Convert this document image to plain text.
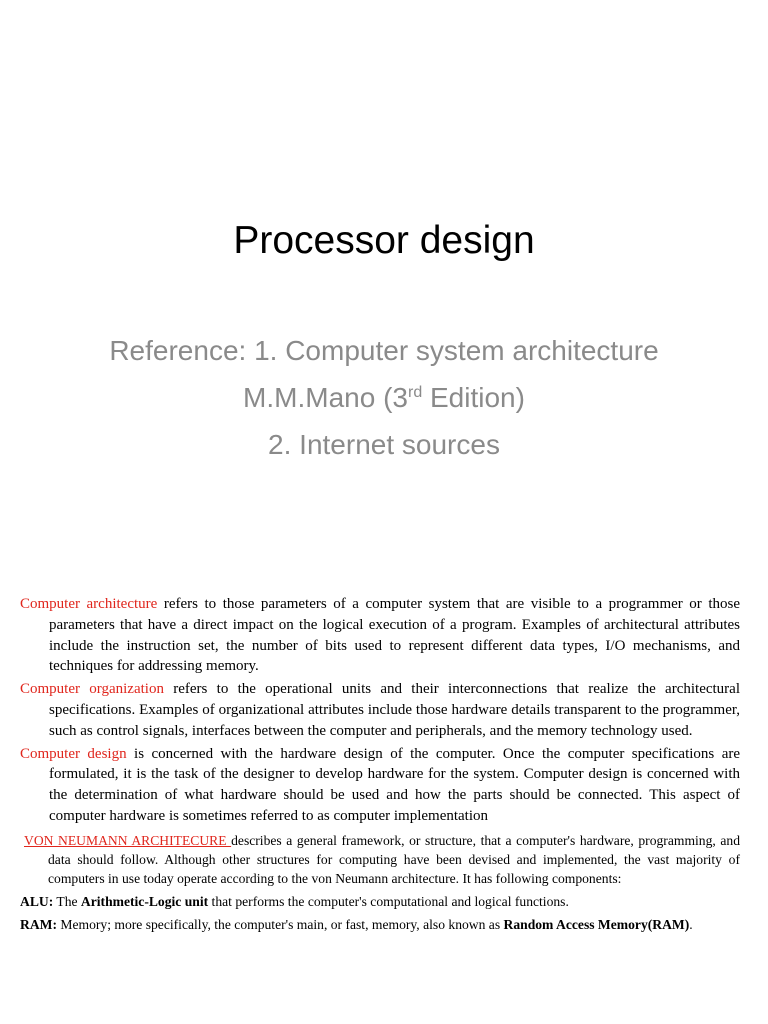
Processor design
Reference: 1. Computer system architecture
M.M.Mano (3rd Edition)
2. Internet sources

Computer architecture refers to those parameters of a computer system that are visible to a programmer or those parameters that have a direct impact on the logical execution of a program. Examples of architectural attributes include the instruction set, the number of bits used to represent different data types, I/O mechanisms, and techniques for addressing memory.

Computer organization refers to the operational units and their interconnections that realize the architectural specifications. Examples of organizational attributes include those hardware details transparent to the programmer, such as control signals, interfaces between the computer and peripherals, and the memory technology used.

Computer design is concerned with the hardware design of the computer. Once the computer specifications are formulated, it is the task of the designer to develop hardware for the system. Computer design is concerned with the determination of what hardware should be used and how the parts should be connected. This aspect of computer hardware is sometimes referred to as computer implementation

VON NEUMANN ARCHITECURE describes a general framework, or structure, that a computer's hardware, programming, and data should follow. Although other structures for computing have been devised and implemented, the vast majority of computers in use today operate according to the von Neumann architecture. It has following components:

ALU: The Arithmetic-Logic unit that performs the computer's computational and logical functions.

RAM: Memory; more specifically, the computer's main, or fast, memory, also known as Random Access Memory(RAM).
